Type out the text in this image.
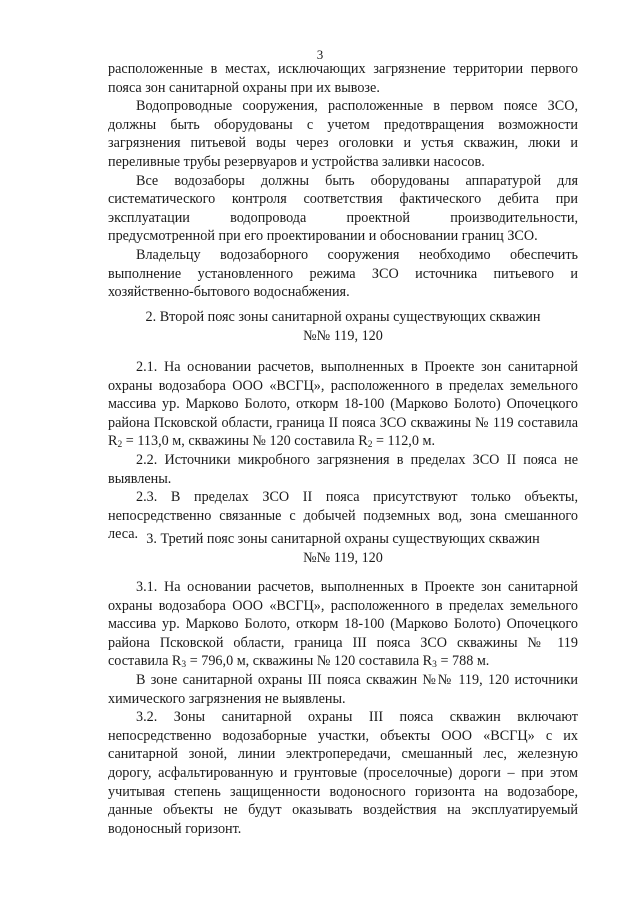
3

расположенные в местах, исключающих загрязнение территории первого пояса зон санитарной охраны при их вывозе.

Водопроводные сооружения, расположенные в первом поясе ЗСО, должны быть оборудованы с учетом предотвращения возможности загрязнения питьевой воды через оголовки и устья скважин, люки и переливные трубы резервуаров и устройства заливки насосов.

Все водозаборы должны быть оборудованы аппаратурой для систематического контроля соответствия фактического дебита при эксплуатации водопровода проектной производительности, предусмотренной при его проектировании и обосновании границ ЗСО.

Владельцу водозаборного сооружения необходимо обеспечить выполнение установленного режима ЗСО источника питьевого и хозяйственно-бытового водоснабжения.

2. Второй пояс зоны санитарной охраны существующих скважин

№№ 119, 120

2.1. На основании расчетов, выполненных в Проекте зон санитарной охраны водозабора ООО «ВСГЦ», расположенного в пределах земельного массива ур. Марково Болото, откорм 18-100 (Марково Болото) Опочецкого района Псковской области, граница II пояса ЗСО скважины № 119 составила $R_2 = 113,0$ м, скважины № 120 составила $R_2 = 112,0$ м.

2.2. Источники микробного загрязнения в пределах ЗСО II пояса не выявлены.

2.3. В пределах ЗСО II пояса присутствуют только объекты, непосредственно связанные с добычей подземных вод, зона смешанного леса. 3. Третий пояс зоны санитарной охраны существующих скважин

№№ 119, 120

3.1. На основании расчетов, выполненных в Проекте зон санитарной охраны водозабора ООО «ВСГЦ», расположенного в пределах земельного массива ур. Марково Болото, откорм 18-100 (Марково Болото) Опочецкого района Псковской области, граница III пояса ЗСО скважины № 119 составила $R_3 = 796,0$ м, скважины № 120 составила $R_3 = 788$ м.

В зоне санитарной охраны III пояса скважин №№ 119, 120 источники химического загрязнения не выявлены.

3.2. Зоны санитарной охраны III пояса скважин включают непосредственно водозаборные участки, объекты ООО «ВСГЦ» с их санитарной зоной, линии электропередачи, смешанный лес, железную дорогу, асфальтированную и грунтовые (проселочные) дороги – при этом учитывая степень защищенности водоносного горизонта на водозаборе, данные объекты не будут оказывать воздействия на эксплуатируемый водоносный горизонт.
